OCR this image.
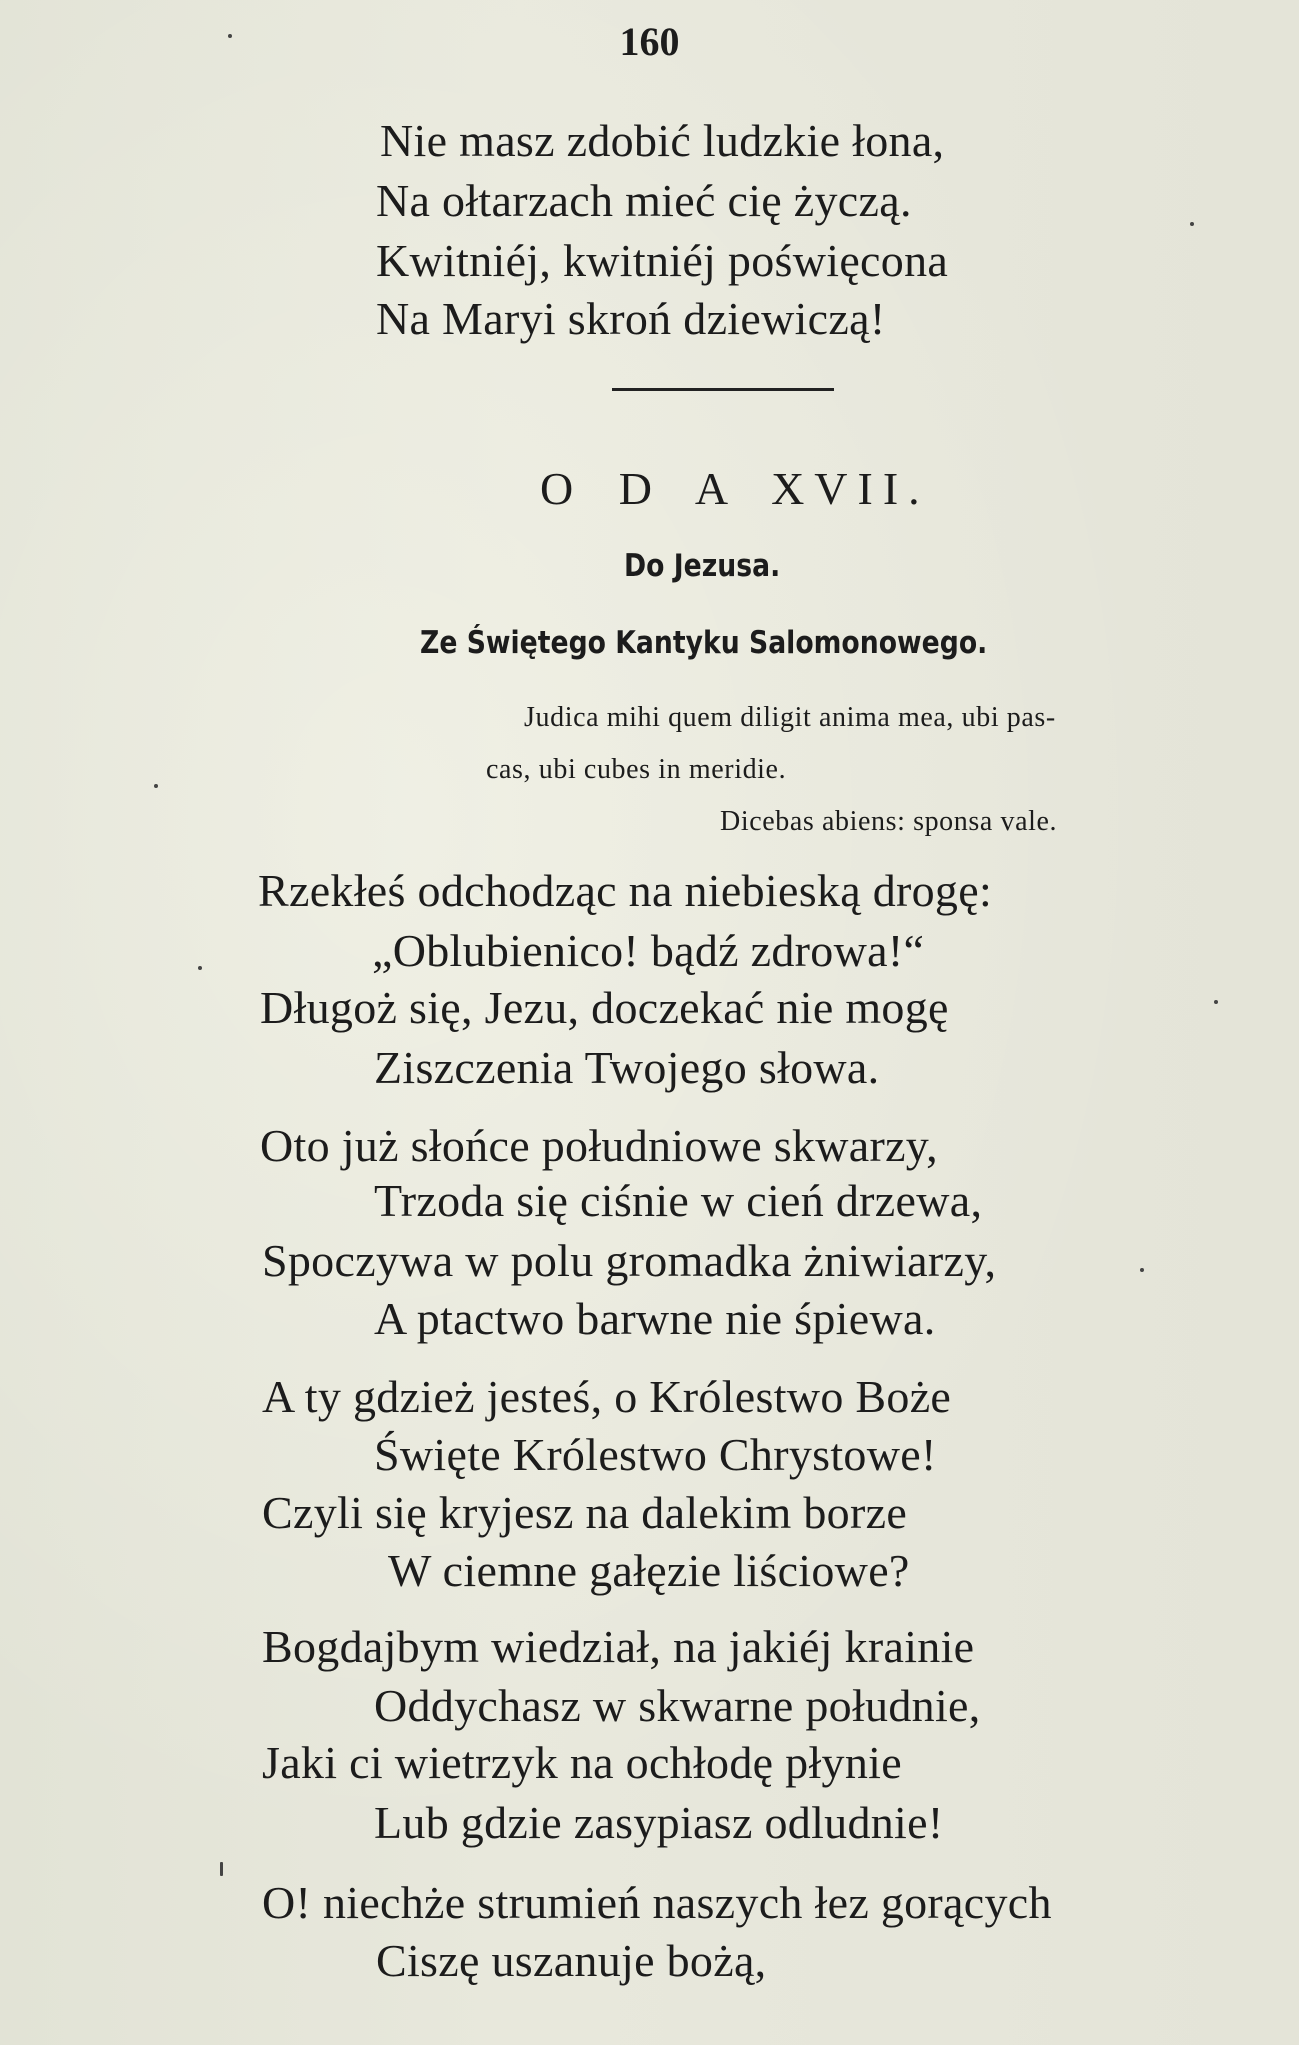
160
Nie masz zdobić ludzkie łona,
Na ołtarzach mieć cię życzą.
Kwitniéj, kwitniéj poświęcona
Na Maryi skroń dziewiczą!
O D A XVII.
Do Jezusa.
Ze Świętego Kantyku Salomonowego.
Judica mihi quem diligit anima mea, ubi pas-
cas, ubi cubes in meridie.
Dicebas abiens: sponsa vale.
Rzekłeś odchodząc na niebieską drogę:
„Oblubienico! bądź zdrowa!“
Długoż się, Jezu, doczekać nie mogę
Ziszczenia Twojego słowa.
Oto już słońce południowe skwarzy,
Trzoda się ciśnie w cień drzewa,
Spoczywa w polu gromadka żniwiarzy,
A ptactwo barwne nie śpiewa.
A ty gdzież jesteś, o Królestwo Boże
Święte Królestwo Chrystowe!
Czyli się kryjesz na dalekim borze
W ciemne gałęzie liściowe?
Bogdajbym wiedział, na jakiéj krainie
Oddychasz w skwarne południe,
Jaki ci wietrzyk na ochłodę płynie
Lub gdzie zasypiasz odludnie!
O! niechże strumień naszych łez gorących
Ciszę uszanuje bożą,
